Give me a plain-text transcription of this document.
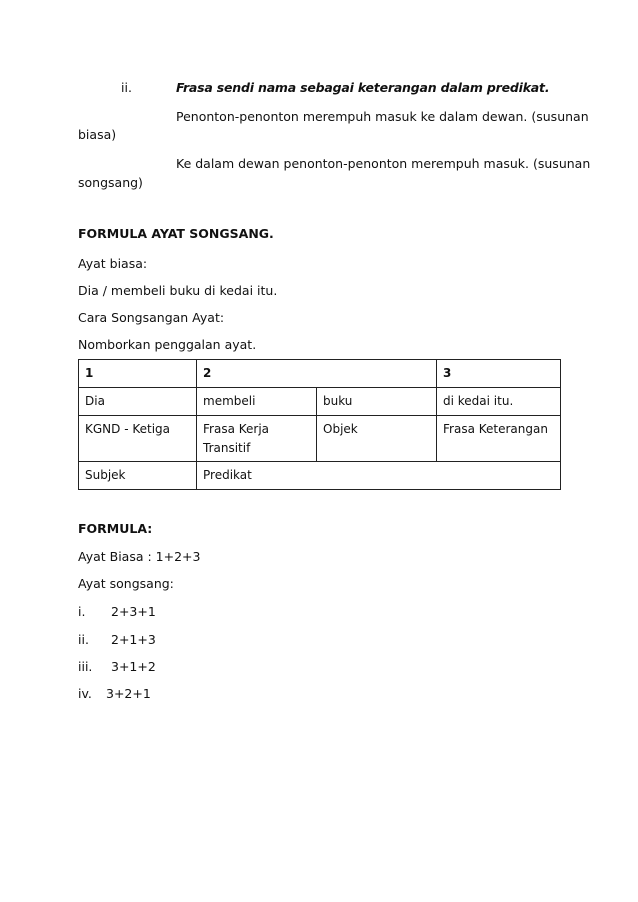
ii.	Frasa sendi nama sebagai keterangan dalam predikat.
Penonton-penonton merempuh masuk ke dalam dewan. (susunan
biasa)
Ke dalam dewan penonton-penonton merempuh masuk. (susunan
songsang)
FORMULA AYAT SONGSANG.
Ayat biasa:
Dia / membeli buku di kedai itu.
Cara Songsangan Ayat:
Nomborkan penggalan ayat.
1	2		3
Dia	membeli	buku	di kedai itu.
KGND - Ketiga	Frasa Kerja Transitif	Objek	Frasa Keterangan
Subjek	Predikat		
FORMULA:
Ayat Biasa : 1+2+3
Ayat songsang:
i. 2+3+1
ii. 2+1+3
iii. 3+1+2
iv. 3+2+1
